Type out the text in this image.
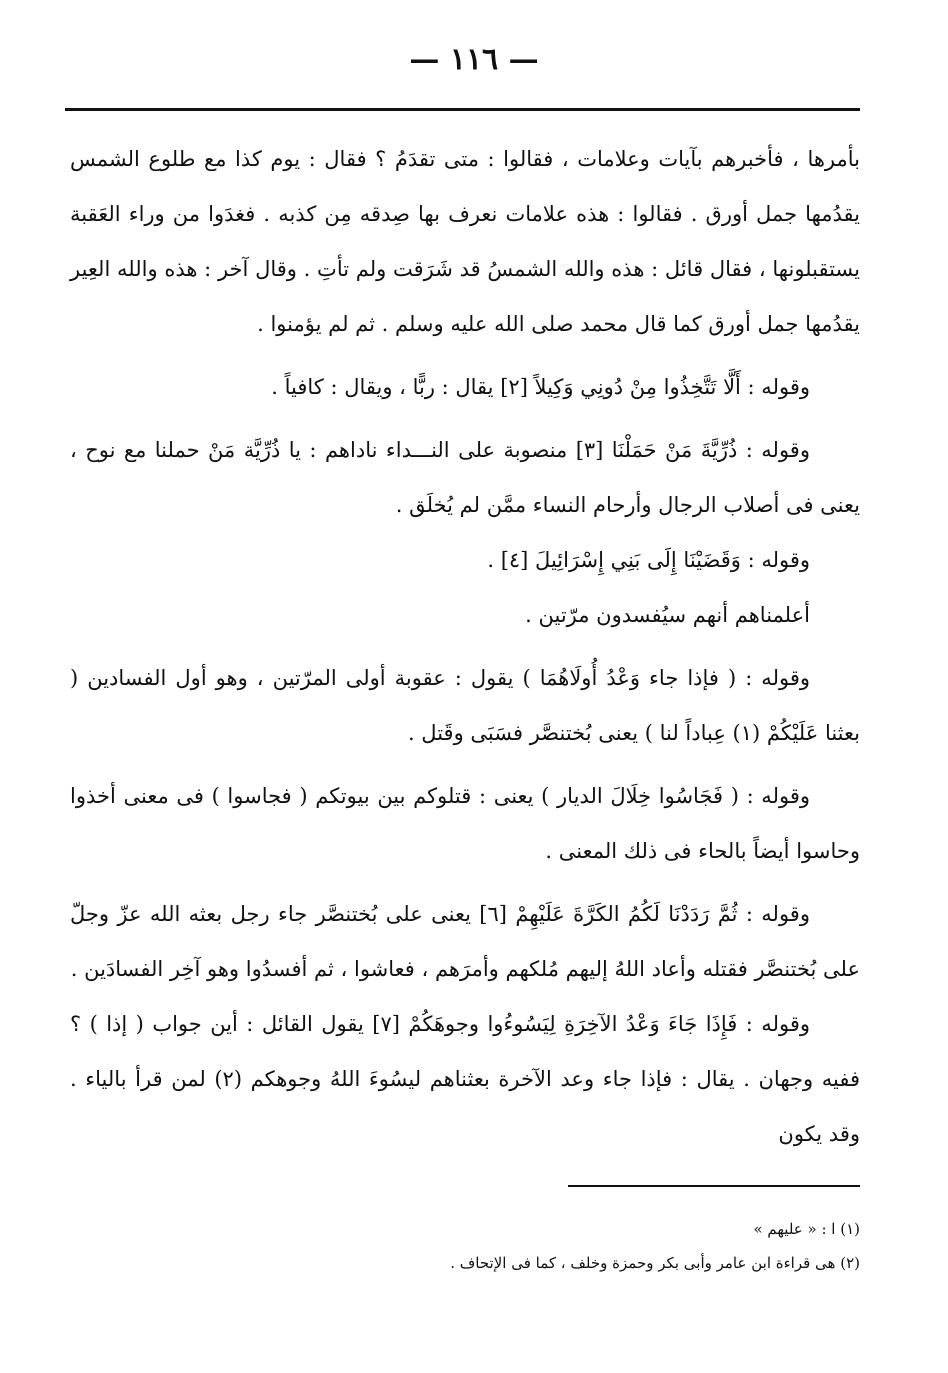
— ١١٦ —

بأمرها ، فأخبرهم بآيات وعلامات ، فقالوا : متى تقدَمُ ؟ فقال : يوم كذا مع طلوع الشمس يقدُمها جمل أورق . فقالوا : هذه علامات نعرف بها صِدقه مِن كذبه . فغدَوا من وراء العَقبة يستقبلونها ، فقال قائل : هذه والله الشمسُ قد شَرَقت ولم تأتِ . وقال آخر : هذه والله العِير يقدُمها جمل أورق كما قال محمد صلى الله عليه وسلم . ثم لم يؤمنوا .

وقوله : أَلَّا تَتَّخِذُوا مِنْ دُونِي وَكِيلاً [٢] يقال : ربًّا ، ويقال : كافياً .

وقوله : ذُرِّيَّةَ مَنْ حَمَلْنَا [٣] منصوبة على النـــداء ناداهم : يا ذُرِّيَّة مَنْ حملنا مع نوح ، يعنى فى أصلاب الرجال وأرحام النساء ممَّن لم يُخلَق .

وقوله : وَقَضَيْنَا إِلَى بَنِي إِسْرَائِيلَ [٤] .

أعلمناهم أنهم سيُفسدون مرّتين .

وقوله : ( فإذا جاء وَعْدُ أُولَاهُمَا ) يقول : عقوبة أولى المرّتين ، وهو أول الفسادين ( بعثنا عَلَيْكُمْ (١) عِباداً لنا ) يعنى بُختنصَّر فسَبَى وقَتل .

وقوله : ( فَجَاسُوا خِلَالَ الديار ) يعنى : قتلوكم بين بيوتكم ( فجاسوا ) فى معنى أخذوا وحاسوا أيضاً بالحاء فى ذلك المعنى .

وقوله : ثُمَّ رَدَدْنَا لَكُمُ الكَرَّةَ عَلَيْهِمْ [٦] يعنى على بُختنصَّر جاء رجل بعثه الله عزّ وجلّ على بُختنصَّر فقتله وأعاد اللهُ إليهم مُلكهم وأمرَهم ، فعاشوا ، ثم أفسدُوا وهو آخِر الفسادَين .

وقوله : فَإِذَا جَاءَ وَعْدُ الآخِرَةِ لِيَسُوءُوا وجوهَكُمْ [٧] يقول القائل : أين جواب ( إذا ) ؟ ففيه وجهان . يقال : فإذا جاء وعد الآخرة بعثناهم ليسُوءَ اللهُ وجوهكم (٢) لمن قرأ بالياء . وقد يكون

(١) ا : « عليهم »

(٢) هى قراءة ابن عامر وأبى بكر وحمزة وخلف ، كما فى الإتحاف .
